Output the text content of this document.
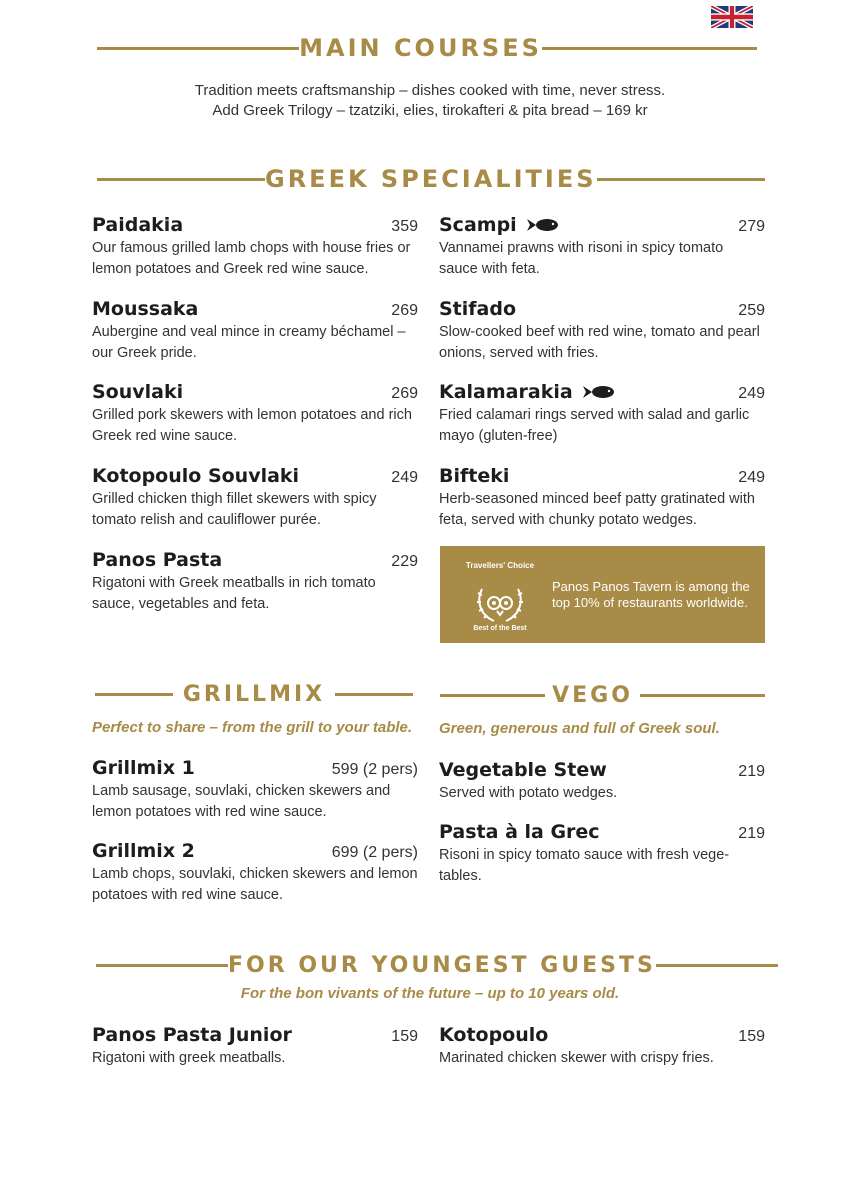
MAIN COURSES
Tradition meets craftsmanship – dishes cooked with time, never stress.
Add Greek Trilogy – tzatziki, elies, tirokafteri & pita bread – 169 kr
GREEK SPECIALITIES
Paidakia	359
Our famous grilled lamb chops with house fries or lemon potatoes and Greek red wine sauce.
Scampi	279
Vannamei prawns with risoni in spicy tomato sauce with feta.
Moussaka	269
Aubergine and veal mince in creamy béchamel – our Greek pride.
Stifado	259
Slow-cooked beef with red wine, tomato and pearl onions, served with fries.
Souvlaki	269
Grilled pork skewers with lemon potatoes and rich Greek red wine sauce.
Kalamarakia	249
Fried calamari rings served with salad and garlic mayo (gluten-free)
Kotopoulo Souvlaki	249
Grilled chicken thigh fillet skewers with spicy tomato relish and cauliflower purée.
Bifteki	249
Herb-seasoned minced beef patty gratinated with feta, served with chunky potato wedges.
Panos Pasta	229
Rigatoni with Greek meatballs in rich tomato sauce, vegetables and feta.
Travellers' Choice
Best of the Best
Panos Panos Tavern is among the top 10% of restaurants worldwide.
GRILLMIX
Perfect to share – from the grill to your table.
Grillmix 1	599 (2 pers)
Lamb sausage, souvlaki, chicken skewers and lemon potatoes with red wine sauce.
Grillmix 2	699 (2 pers)
Lamb chops, souvlaki, chicken skewers and lemon potatoes with red wine sauce.
VEGO
Green, generous and full of Greek soul.
Vegetable Stew	219
Served with potato wedges.
Pasta à la Grec	219
Risoni in spicy tomato sauce with fresh vege-tables.
FOR OUR YOUNGEST GUESTS
For the bon vivants of the future – up to 10 years old.
Panos Pasta Junior	159
Rigatoni with greek meatballs.
Kotopoulo	159
Marinated chicken skewer with crispy fries.
